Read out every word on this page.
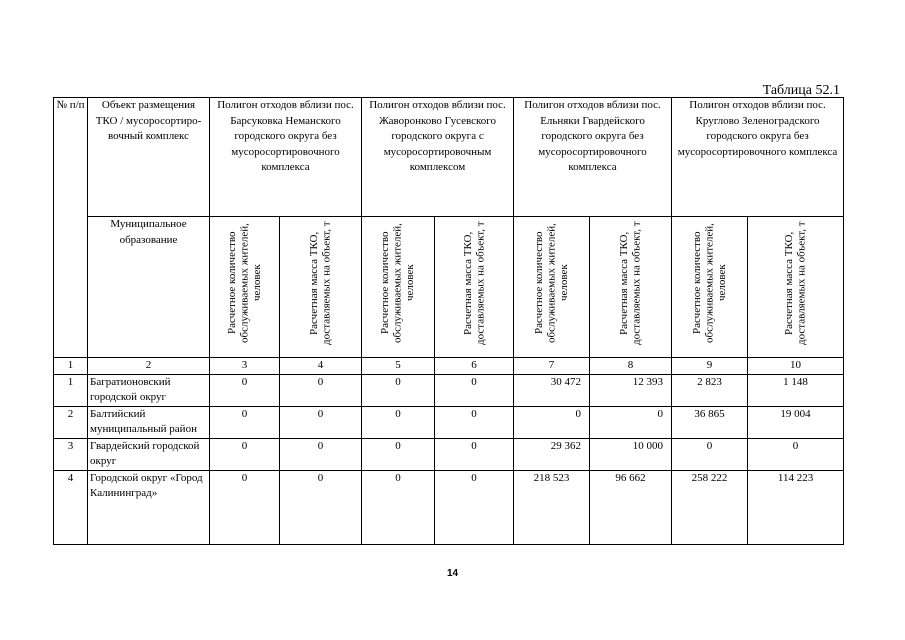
Таблица 52.1
№ п/п	Объект размещения ТКО / мусоросортиро-вочный комплекс	Полигон отходов вблизи пос. Барсуковка Неманского городского округа без мусоросортировочного комплекса		Полигон отходов вблизи пос. Жаворонково Гусевского городского округа с мусоросортировочным комплексом		Полигон отходов вблизи пос. Ельняки Гвардейского городского округа без мусоросортировочного комплекса		Полигон отходов вблизи пос. Круглово Зеленоградского городского округа без мусоросортировочного комплекса	
	Муниципальное образование	Расчетное количество обслуживаемых жителей, человек	Расчетная масса ТКО, доставляемых на объект, т	Расчетное количество обслуживаемых жителей, человек	Расчетная масса ТКО, доставляемых на объект, т	Расчетное количество обслуживаемых жителей, человек	Расчетная масса ТКО, доставляемых на объект, т	Расчетное количество обслуживаемых жителей, человек	Расчетная масса ТКО, доставляемых на объект, т
1	2	3	4	5	6	7	8	9	10
1	Багратионовский городской округ	0	0	0	0	30 472	12 393	2 823	1 148
2	Балтийский муниципальный район	0	0	0	0	0	0	36 865	19 004
3	Гвардейский городской округ	0	0	0	0	29 362	10 000	0	0
4	Городской округ «Город Калининград»	0	0	0	0	218 523	96 662	258 222	114 223
14
